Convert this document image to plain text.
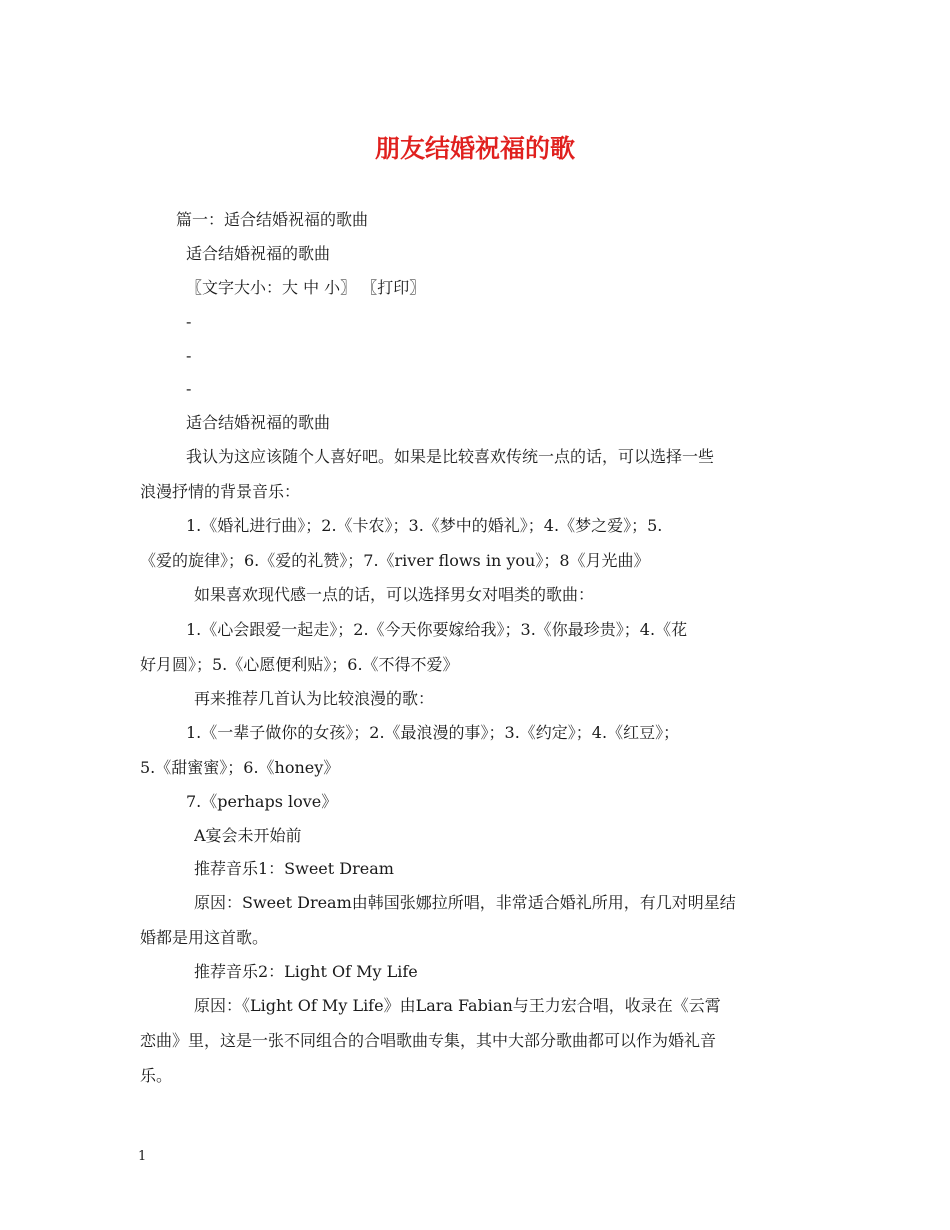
朋友结婚祝福的歌
篇一：适合结婚祝福的歌曲
适合结婚祝福的歌曲
〖文字大小：大 中 小〗 〖打印〗
-
-
-
适合结婚祝福的歌曲
我认为这应该随个人喜好吧。如果是比较喜欢传统一点的话，可以选择一些
浪漫抒情的背景音乐：
1.《婚礼进行曲》；2.《卡农》；3.《梦中的婚礼》；4.《梦之爱》；5.
《爱的旋律》；6.《爱的礼赞》；7.《river flows in you》；8《月光曲》
如果喜欢现代感一点的话，可以选择男女对唱类的歌曲：
1.《心会跟爱一起走》；2.《今天你要嫁给我》；3.《你最珍贵》；4.《花
好月圆》；5.《心愿便利贴》；6.《不得不爱》
再来推荐几首认为比较浪漫的歌：
1.《一辈子做你的女孩》；2.《最浪漫的事》；3.《约定》；4.《红豆》；
5.《甜蜜蜜》；6.《honey》
7.《perhaps love》
A宴会未开始前
推荐音乐1：Sweet Dream
原因：Sweet Dream由韩国张娜拉所唱，非常适合婚礼所用，有几对明星结
婚都是用这首歌。
推荐音乐2：Light Of My Life
原因：《Light Of My Life》由Lara Fabian与王力宏合唱，收录在《云霄
恋曲》里，这是一张不同组合的合唱歌曲专集，其中大部分歌曲都可以作为婚礼音
乐。
1
